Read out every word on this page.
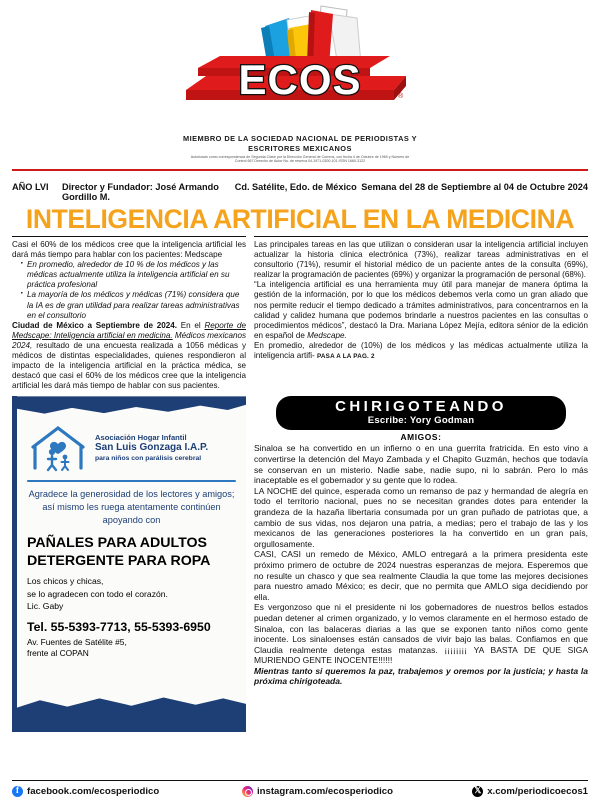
ECOS	®
MIEMBRO DE LA SOCIEDAD NACIONAL DE PERIODISTAS Y ESCRITORES MEXICANOS
Autorizado como correspondencia de Segunda Clase por la Dirección General de Correos, con fecha 4 de Octubre de 1969 y Número de Control 667 Derecho de Autor No. de reserva 04-1971-0300-101 ISSN 1660-3122
AÑO LVI	Director y Fundador: José Armando Gordillo M.
Cd. Satélite, Edo. de México Semana del 28 de Septiembre al 04 de Octubre 2024
INTELIGENCIA ARTIFICIAL EN LA MEDICINA

Casi el 60% de los médicos cree que la inteligencia artificial les dará más tiempo para hablar con los pacientes: Medscape

· En promedio, alrededor de 10 % de los médicos y las médicas actualmente utiliza la inteligencia artificial en su práctica profesional
· La mayoría de los médicos y médicas (71%) considera que la IA es de gran utilidad para realizar tareas administrativas en el consultorio

Ciudad de México a Septiembre de 2024. En el Reporte de Medscape: Inteligencia artificial en medicina. Médicos mexicanos 2024, resultado de una encuesta realizada a 1056 médicas y médicos de distintas especialidades, quienes respondieron al impacto de la inteligencia artificial en la práctica médica, se destacó que casi el 60% de los médicos cree que la inteligencia artificial les dará más tiempo de hablar con sus pacientes.

Las principales tareas en las que utilizan o consideran usar la inteligencia artificial incluyen actualizar la historia clinica electrónica (73%), realizar tareas administrativas en el consultorio (71%), resumir el historial médico de un paciente antes de la consulta (69%), realizar la programación de pacientes (69%) y organizar la programación de personal (68%).

“La inteligencia artificial es una herramienta muy útil para manejar de manera óptima la gestión de la información, por lo que los médicos debemos verla como un gran aliado que nos permite reducir el tiempo dedicado a trámites administrativos, para concentrarnos en la calidad y calidez humana que podemos brindarle a nuestros pacientes en las consultas o procedimientos médicos”, destacó la Dra. Mariana López Mejía, editora sénior de la edición en español de Medscape.

En promedio, alrededor de (10%) de los médicos y las médicas actualmente utiliza la inteligencia artifi- PASA A LA PAG. 2

Asociación Hogar Infantil
San Luis Gonzaga I.A.P.
para niños con parálisis cerebral
Agradece la generosidad de los lectores y amigos; así mismo les ruega atentamente continúen apoyando con
PAÑALES PARA ADULTOS
DETERGENTE PARA ROPA
Los chicos y chicas,
se lo agradecen con todo el corazón.
Lic. Gaby
Tel. 55-5393-7713, 55-5393-6950
Av. Fuentes de Satélite #5,
frente al COPAN
CHIRIGOTEANDO
Escribe: Yory Godman
AMIGOS:

Sinaloa se ha convertido en un infierno o en una guerrita fratricida. En esto vino a convertirse la detención del Mayo Zambada y el Chapito Guzmán, hechos que todavía se conservan en un misterio. Nadie sabe, nadie supo, ni lo sabrán. Pero lo más inaceptable es el gobernador y su gente que lo rodea.

LA NOCHE del quince, esperada como un remanso de paz y hermandad de alegría en todo el territorio nacional, pues no se necesitan grandes dotes para entender la grandeza de la hazaña libertaria consumada por un gran puñado de patriotas que, a cambio de sus vidas, nos dejaron una patria, a medias; pero el trabajo de las y los mexicanos de las generaciones posteriores la ha convertido en un gran país, orgullosamente.

CASI, CASI un remedo de México, AMLO entregará a la primera presidenta este próximo primero de octubre de 2024 nuestras esperanzas de mejora. Esperemos que no resulte un chasco y que sea realmente Claudia la que tome las mejores decisiones para nuestro amado México; es decir, que no permita que AMLO siga decidiendo por ella.

Es vergonzoso que ni el presidente ni los gobernadores de nuestros bellos estados puedan detener al crimen organizado, y lo vemos claramente en el hermoso estado de Sinaloa, con las balaceras diarias a las que se exponen tanto niños como gente inocente. Los sinaloenses están cansados de vivir bajo las balas. Confiamos en que Claudia realmente detenga estas matanzas. ¡¡¡¡¡¡¡¡ YA BASTA DE QUE SIGA MURIENDO GENTE INOCENTE!!!!!!

Mientras tanto si queremos la paz, trabajemos y oremos por la justicia; y hasta la próxima chirigoteada.

f
facebook.com/ecosperiodico	instagram.com/ecosperiodico 𝕏	x.com/periodicoecos1
